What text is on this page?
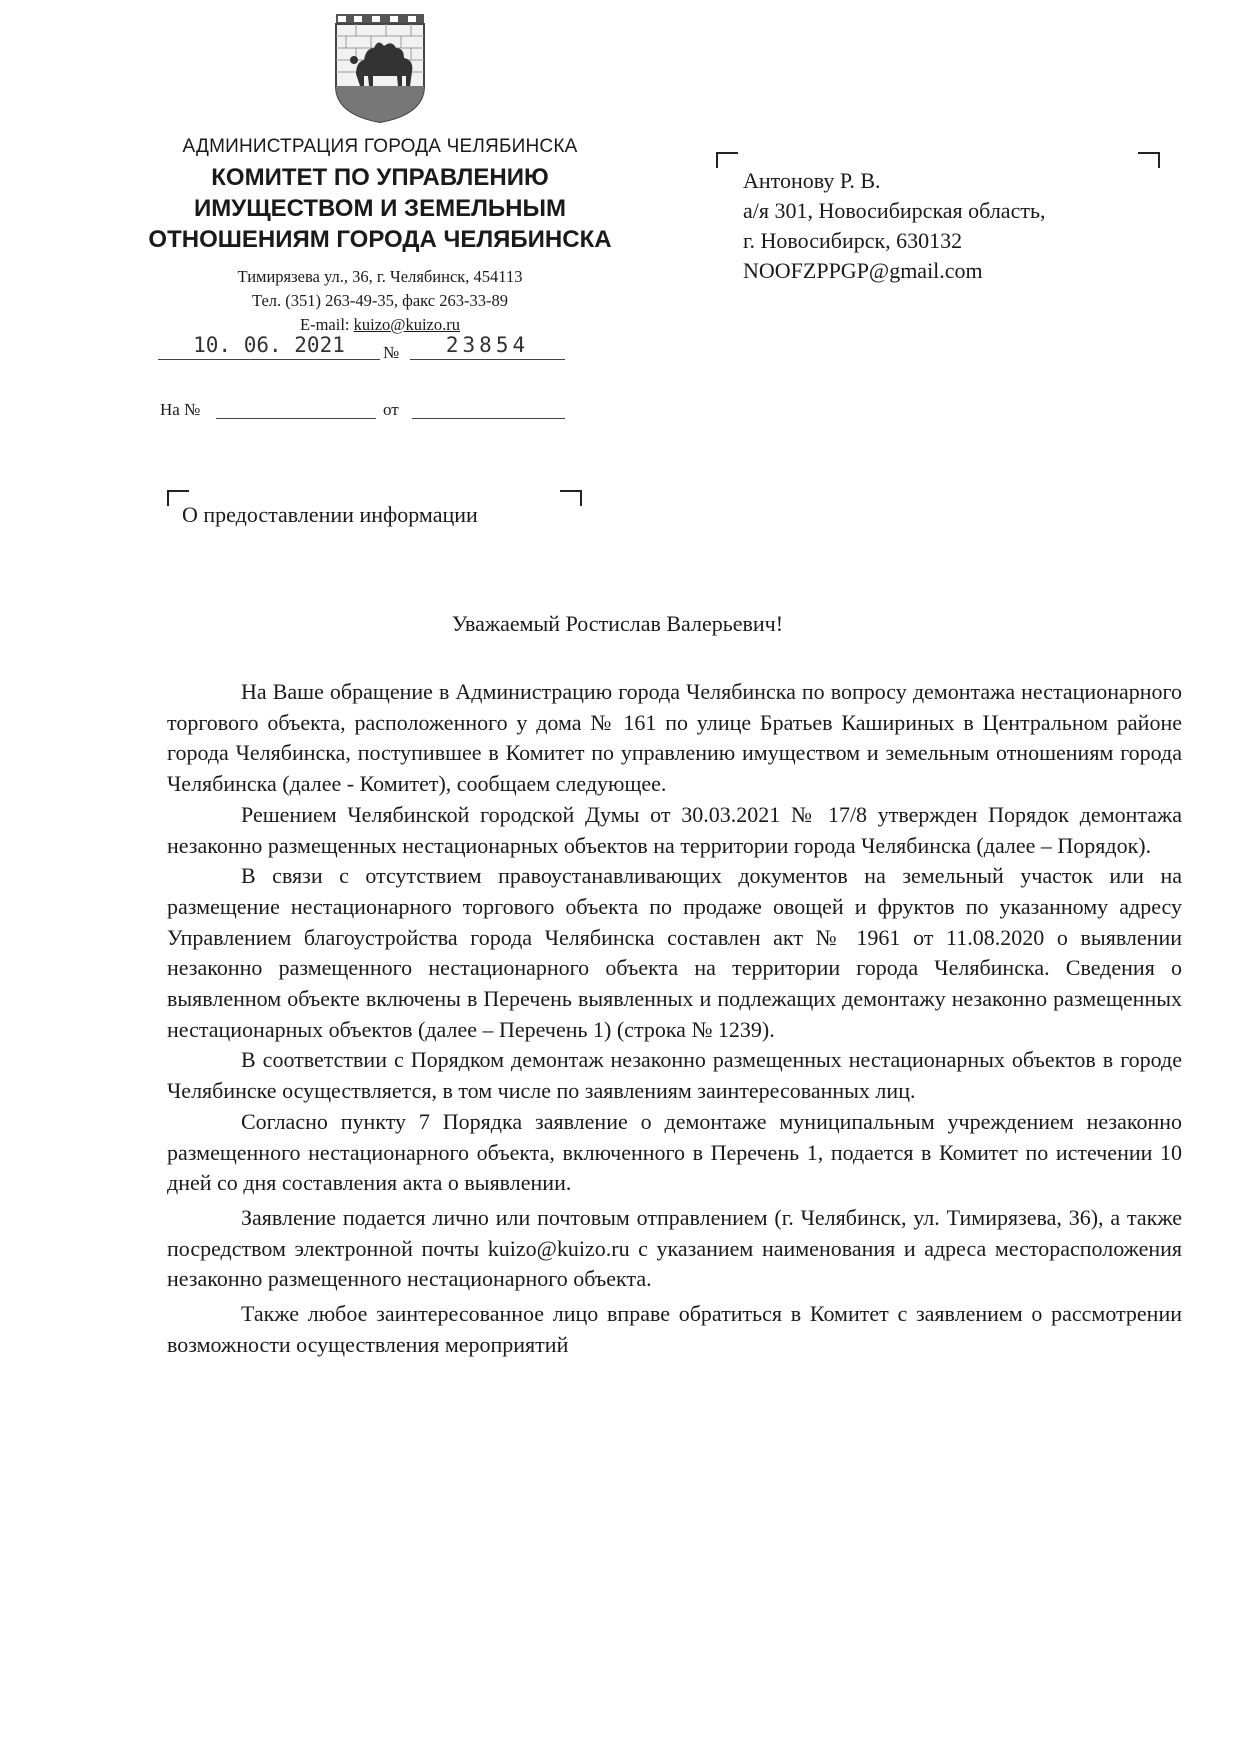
АДМИНИСТРАЦИЯ ГОРОДА ЧЕЛЯБИНСКА

КОМИТЕТ ПО УПРАВЛЕНИЮ
ИМУЩЕСТВОМ И ЗЕМЕЛЬНЫМ
ОТНОШЕНИЯМ ГОРОДА ЧЕЛЯБИНСКА
Тимирязева ул., 36, г. Челябинск, 454113
Тел. (351) 263-49-35, факс 263-33-89
E-mail: kuizo@kuizo.ru
10. 06. 2021	№	23854
На №	от
Антонову Р. В.
а/я 301, Новосибирская область,
г. Новосибирск, 630132
NOOFZPPGP@gmail.com
О предоставлении информации
Уважаемый Ростислав Валерьевич!

На Ваше обращение в Администрацию города Челябинска по вопросу демонтажа нестационарного торгового объекта, расположенного у дома № 161 по улице Братьев Кашириных в Центральном районе города Челябинска, поступившее в Комитет по управлению имуществом и земельным отношениям города Челябинска (далее - Комитет), сообщаем следующее.

Решением Челябинской городской Думы от 30.03.2021 № 17/8 утвержден Порядок демонтажа незаконно размещенных нестационарных объектов на территории города Челябинска (далее – Порядок).

В связи с отсутствием правоустанавливающих документов на земельный участок или на размещение нестационарного торгового объекта по продаже овощей и фруктов по указанному адресу Управлением благоустройства города Челябинска составлен акт № 1961 от 11.08.2020 о выявлении незаконно размещенного нестационарного объекта на территории города Челябинска. Сведения о выявленном объекте включены в Перечень выявленных и подлежащих демонтажу незаконно размещенных нестационарных объектов (далее – Перечень 1) (строка № 1239).

В соответствии с Порядком демонтаж незаконно размещенных нестационарных объектов в городе Челябинске осуществляется, в том числе по заявлениям заинтересованных лиц.

Согласно пункту 7 Порядка заявление о демонтаже муниципальным учреждением незаконно размещенного нестационарного объекта, включенного в Перечень 1, подается в Комитет по истечении 10 дней со дня составления акта о выявлении.

Заявление подается лично или почтовым отправлением (г. Челябинск, ул. Тимирязева, 36), а также посредством электронной почты kuizo@kuizo.ru с указанием наименования и адреса месторасположения незаконно размещенного нестационарного объекта.

Также любое заинтересованное лицо вправе обратиться в Комитет с заявлением о рассмотрении возможности осуществления мероприятий
